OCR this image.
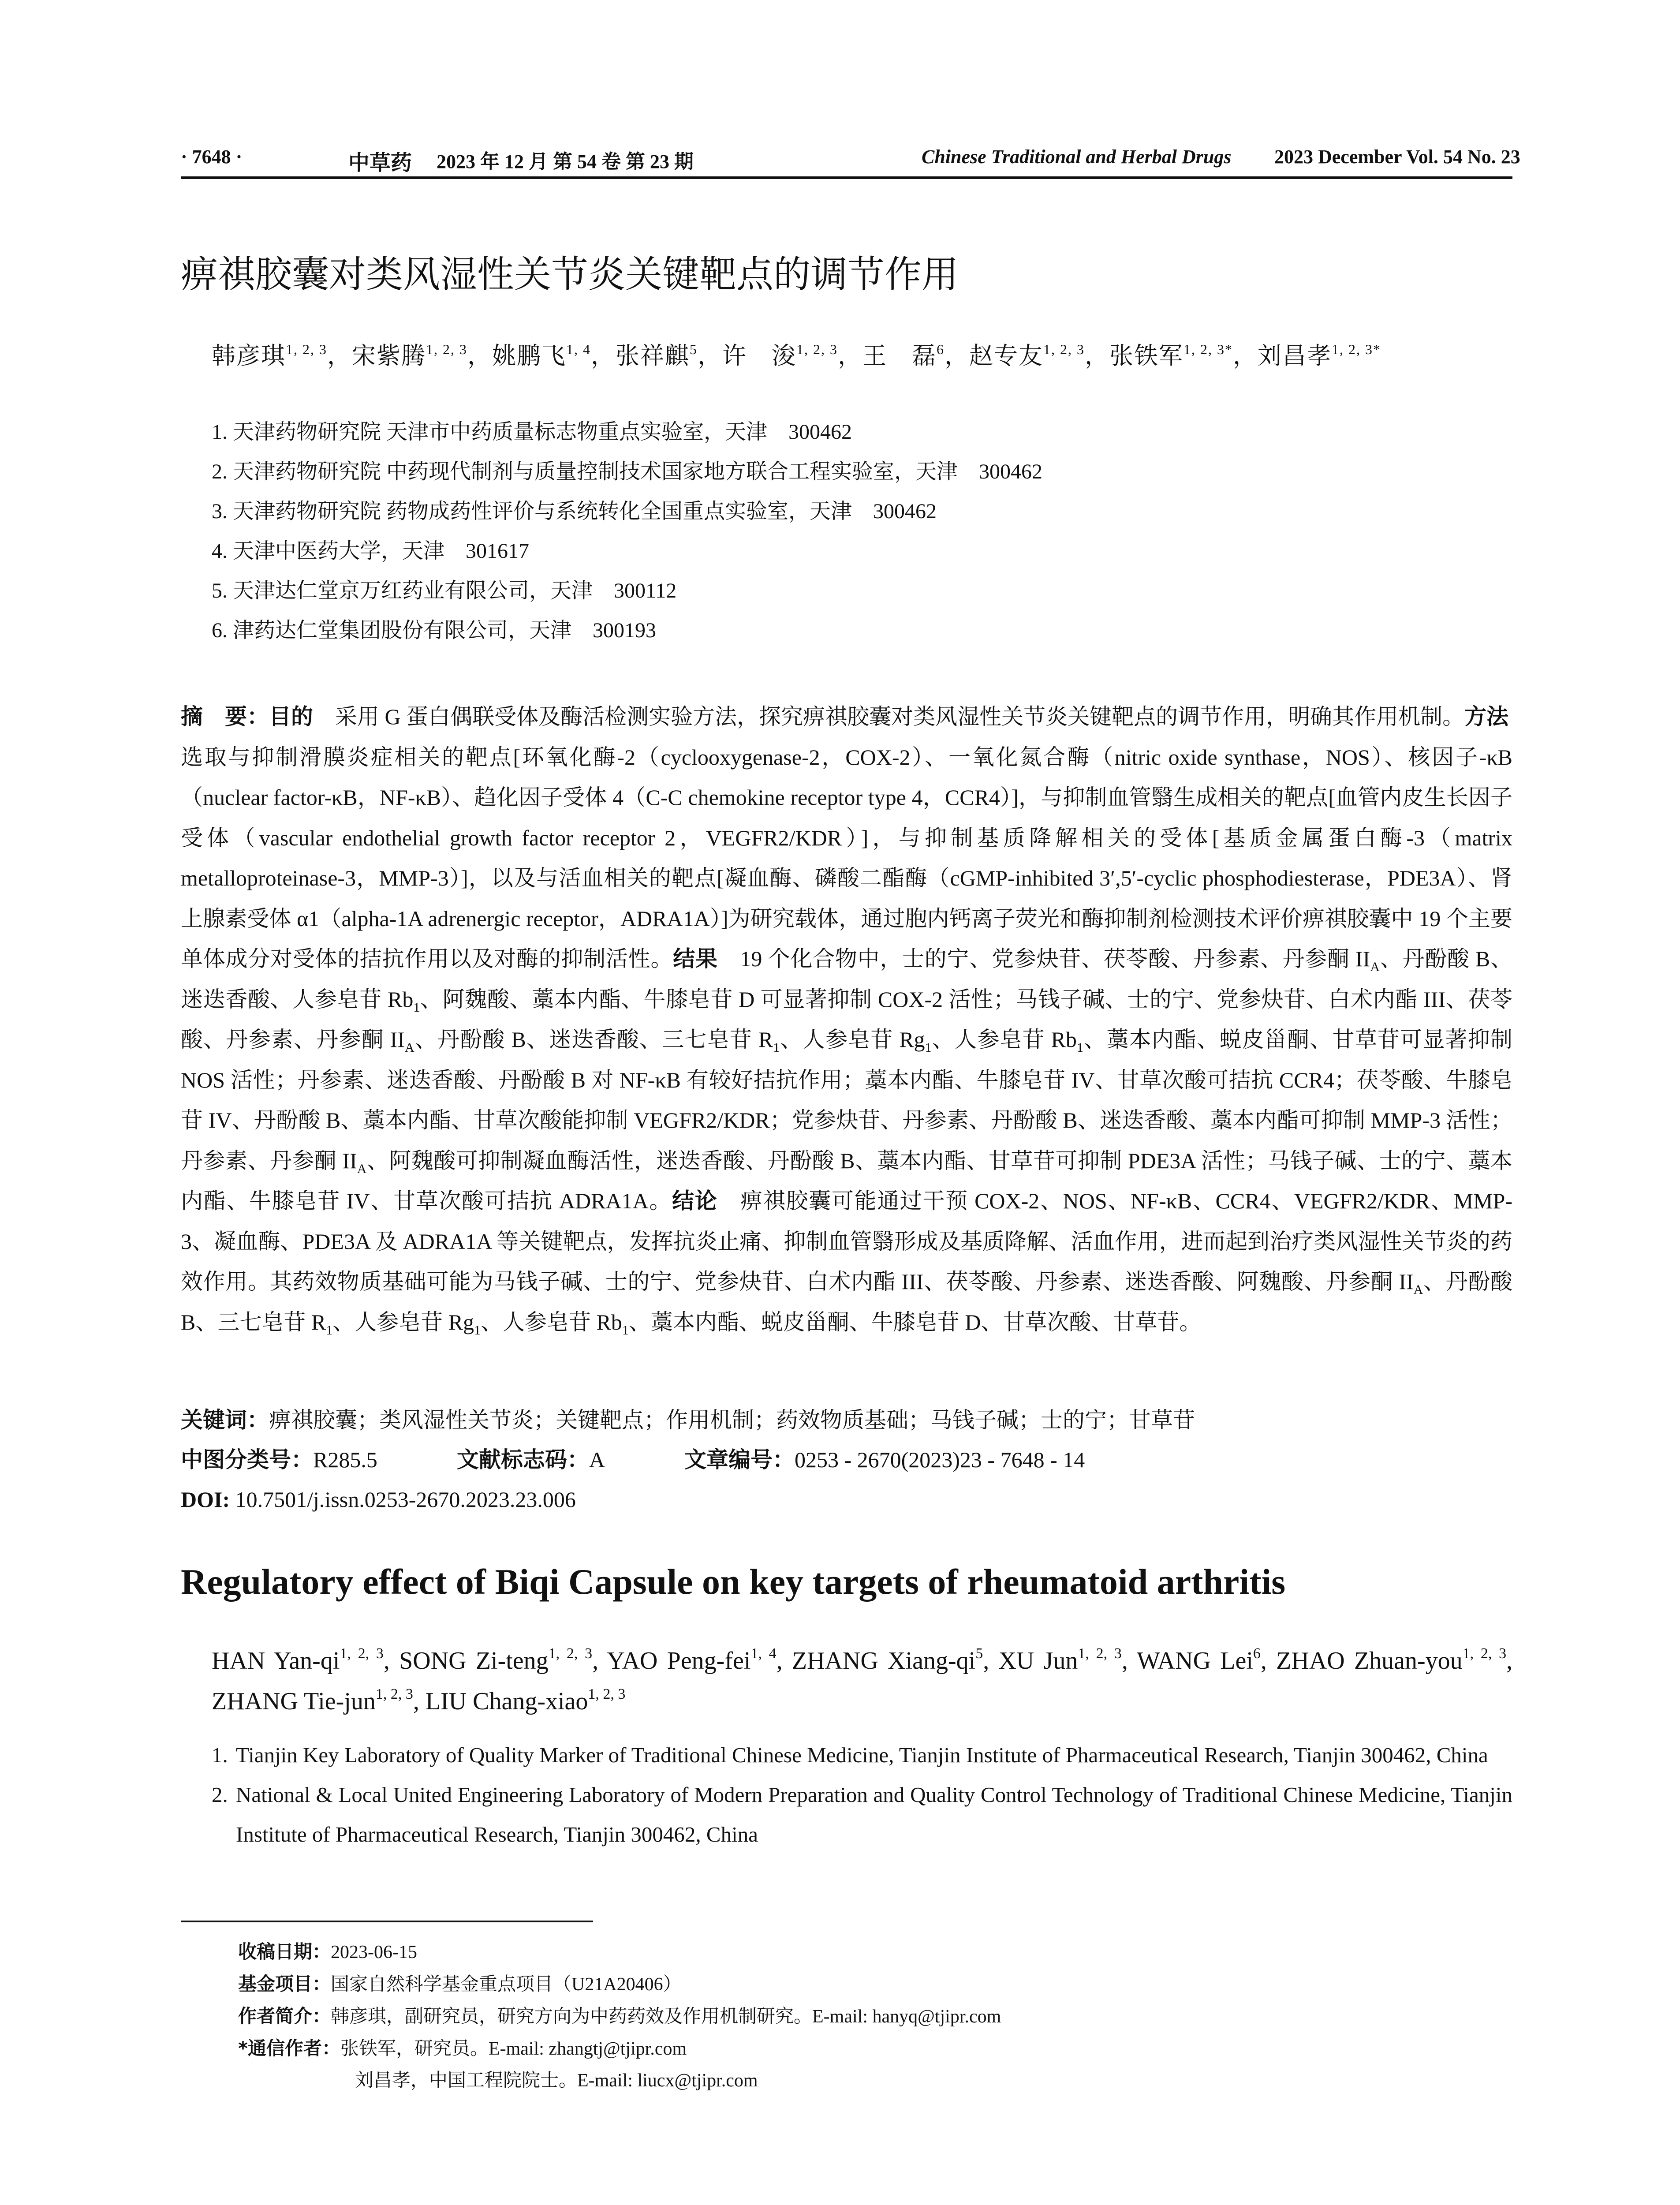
· 7648 ·	中草药 2023 年 12 月 第 54 卷 第 23 期	Chinese Traditional and Herbal Drugs 2023 December Vol. 54 No. 23
痹祺胶囊对类风湿性关节炎关键靶点的调节作用
韩彦琪$^{1, 2, 3}$，宋紫腾$^{1, 2, 3}$，姚鹏飞$^{1, 4}$，张祥麒$^5$，许　浚$^{1, 2, 3}$，王　磊$^6$，赵专友$^{1, 2, 3}$，张铁军$^{1, 2, 3*}$，刘昌孝$^{1, 2, 3*}$
1. 天津药物研究院 天津市中药质量标志物重点实验室，天津　300462
2. 天津药物研究院 中药现代制剂与质量控制技术国家地方联合工程实验室，天津　300462
3. 天津药物研究院 药物成药性评价与系统转化全国重点实验室，天津　300462
4. 天津中医药大学，天津　301617
5. 天津达仁堂京万红药业有限公司，天津　300112
6. 津药达仁堂集团股份有限公司，天津　300193
摘　要：目的　采用 G 蛋白偶联受体及酶活检测实验方法，探究痹祺胶囊对类风湿性关节炎关键靶点的调节作用，明确其作用机制。方法　选取与抑制滑膜炎症相关的靶点[环氧化酶-2（cyclooxygenase-2，COX-2）、一氧化氮合酶（nitric oxide synthase，NOS）、核因子-κB（nuclear factor-κB，NF-κB）、趋化因子受体 4（C-C chemokine receptor type 4，CCR4）]，与抑制血管翳生成相关的靶点[血管内皮生长因子受体（vascular endothelial growth factor receptor 2，VEGFR2/KDR）]，与抑制基质降解相关的受体[基质金属蛋白酶-3（matrix metalloproteinase-3，MMP-3）]，以及与活血相关的靶点[凝血酶、磷酸二酯酶（cGMP-inhibited 3′,5′-cyclic phosphodiesterase，PDE3A）、肾上腺素受体 α1（alpha-1A adrenergic receptor，ADRA1A）]为研究载体，通过胞内钙离子荧光和酶抑制剂检测技术评价痹祺胶囊中 19 个主要单体成分对受体的拮抗作用以及对酶的抑制活性。结果　19 个化合物中，士的宁、党参炔苷、茯苓酸、丹参素、丹参酮 $II_A$、丹酚酸 B、迷迭香酸、人参皂苷 $Rb_1$、阿魏酸、藁本内酯、牛膝皂苷 D 可显著抑制 COX-2 活性；马钱子碱、士的宁、党参炔苷、白术内酯 III、茯苓酸、丹参素、丹参酮 $II_A$、丹酚酸 B、迷迭香酸、三七皂苷 $R_1$、人参皂苷 $Rg_1$、人参皂苷 $Rb_1$、藁本内酯、蜕皮甾酮、甘草苷可显著抑制 NOS 活性；丹参素、迷迭香酸、丹酚酸 B 对 NF-κB 有较好拮抗作用；藁本内酯、牛膝皂苷 IV、甘草次酸可拮抗 CCR4；茯苓酸、牛膝皂苷 IV、丹酚酸 B、藁本内酯、甘草次酸能抑制 VEGFR2/KDR；党参炔苷、丹参素、丹酚酸 B、迷迭香酸、藁本内酯可抑制 MMP-3 活性；丹参素、丹参酮 $II_A$、阿魏酸可抑制凝血酶活性，迷迭香酸、丹酚酸 B、藁本内酯、甘草苷可抑制 PDE3A 活性；马钱子碱、士的宁、藁本内酯、牛膝皂苷 IV、甘草次酸可拮抗 ADRA1A。结论　痹祺胶囊可能通过干预 COX-2、NOS、NF-κB、CCR4、VEGFR2/KDR、MMP-3、凝血酶、PDE3A 及 ADRA1A 等关键靶点，发挥抗炎止痛、抑制血管翳形成及基质降解、活血作用，进而起到治疗类风湿性关节炎的药效作用。其药效物质基础可能为马钱子碱、士的宁、党参炔苷、白术内酯 III、茯苓酸、丹参素、迷迭香酸、阿魏酸、丹参酮 $II_A$、丹酚酸 B、三七皂苷 $R_1$、人参皂苷 $Rg_1$、人参皂苷 $Rb_1$、藁本内酯、蜕皮甾酮、牛膝皂苷 D、甘草次酸、甘草苷。
关键词：痹祺胶囊；类风湿性关节炎；关键靶点；作用机制；药效物质基础；马钱子碱；士的宁；甘草苷
中图分类号：R285.5	文献标志码：A	文章编号：0253 - 2670(2023)23 - 7648 - 14
DOI: 10.7501/j.issn.0253-2670.2023.23.006
Regulatory effect of Biqi Capsule on key targets of rheumatoid arthritis
HAN Yan-qi$^{1, 2, 3}$, SONG Zi-teng$^{1, 2, 3}$, YAO Peng-fei$^{1, 4}$, ZHANG Xiang-$qi^5$, XU Jun$^{1, 2, 3}$, WANG Lei$^6$, ZHAO Zhuan-you$^{1, 2, 3}$, ZHANG Tie-jun$^{1, 2, 3}$, LIU Chang-xiao$^{1, 2, 3}$
1. Tianjin Key Laboratory of Quality Marker of Traditional Chinese Medicine, Tianjin Institute of Pharmaceutical Research, Tianjin 300462, China
2. National & Local United Engineering Laboratory of Modern Preparation and Quality Control Technology of Traditional Chinese Medicine, Tianjin Institute of Pharmaceutical Research, Tianjin 300462, China
收稿日期：2023-06-15
基金项目：国家自然科学基金重点项目（U21A20406）
作者简介：韩彦琪，副研究员，研究方向为中药药效及作用机制研究。E-mail: hanyq@tjipr.com
*通信作者：张铁军，研究员。E-mail: zhangtj@tjipr.com
刘昌孝，中国工程院院士。E-mail: liucx@tjipr.com
